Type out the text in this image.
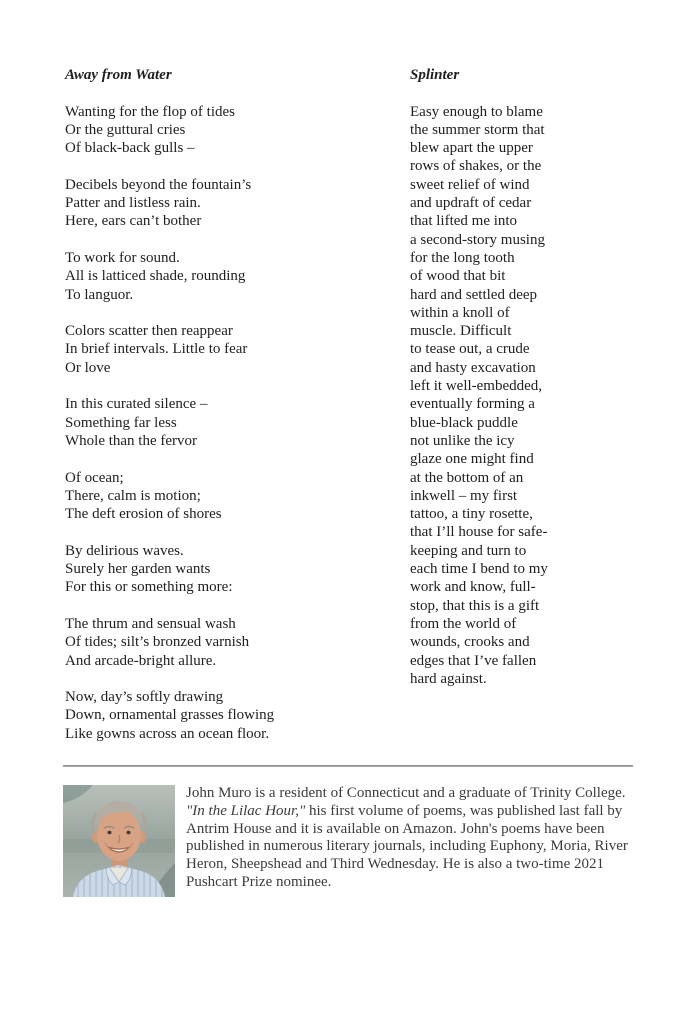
Away from Water

Wanting for the flop of tides
Or the guttural cries
Of black-back gulls –

Decibels beyond the fountain’s
Patter and listless rain.
Here, ears can’t bother

To work for sound.
All is latticed shade, rounding
To languor.

Colors scatter then reappear
In brief intervals. Little to fear
Or love

In this curated silence –
Something far less
Whole than the fervor

Of ocean;
There, calm is motion;
The deft erosion of shores

By delirious waves.
Surely her garden wants
For this or something more:

The thrum and sensual wash
Of tides; silt’s bronzed varnish
And arcade-bright allure.

Now, day’s softly drawing
Down, ornamental grasses flowing
Like gowns across an ocean floor.

Splinter

Easy enough to blame
the summer storm that
blew apart the upper
rows of shakes, or the
sweet relief of wind
and updraft of cedar
that lifted me into
a second-story musing
for the long tooth
of wood that bit
hard and settled deep
within a knoll of
muscle. Difficult
to tease out, a crude
and hasty excavation
left it well-embedded,
eventually forming a
blue-black puddle
not unlike the icy
glaze one might find
at the bottom of an
inkwell – my first
tattoo, a tiny rosette,
that I’ll house for safe-
keeping and turn to
each time I bend to my
work and know, full-
stop, that this is a gift
from the world of
wounds, crooks and
edges that I’ve fallen
hard against.

John Muro is a resident of Connecticut and a graduate of Trinity College. "In the Lilac Hour," his first volume of poems, was published last fall by Antrim House and it is available on Amazon. John's poems have been published in numerous literary journals, including Euphony, Moria, River Heron, Sheepshead and Third Wednesday. He is also a two-time 2021 Pushcart Prize nominee.
